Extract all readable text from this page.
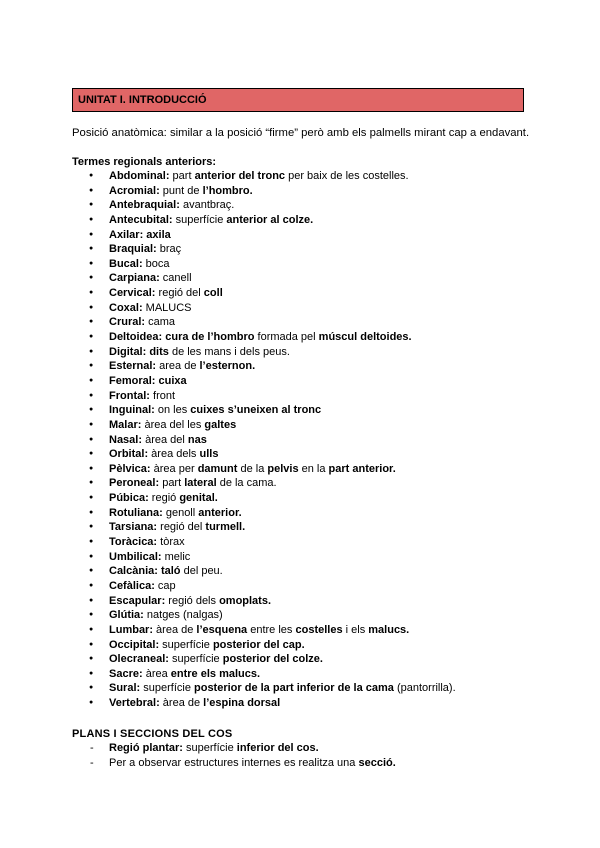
UNITAT I. INTRODUCCIÓ
Posició anatòmica: similar a la posició “firme” però amb els palmells mirant cap a endavant.
Termes regionals anteriors:
● Abdominal: part anterior del tronc per baix de les costelles.
● Acromial: punt de l’hombro.
● Antebraquial: avantbraç.
● Antecubital: superfície anterior al colze.
● Axilar: axila
● Braquial: braç
● Bucal: boca
● Carpiana: canell
● Cervical: regió del coll
● Coxal: MALUCS
● Crural: cama
● Deltoidea: cura de l’hombro formada pel múscul deltoides.
● Digital: dits de les mans i dels peus.
● Esternal: area de l’esternon.
● Femoral: cuixa
● Frontal: front
● Inguinal: on les cuixes s’uneixen al tronc
● Malar: àrea del les galtes
● Nasal: àrea del nas
● Orbital: àrea dels ulls
● Pèlvica: àrea per damunt de la pelvis en la part anterior.
● Peroneal: part lateral de la cama.
● Púbica: regió genital.
● Rotuliana: genoll anterior.
● Tarsiana: regió del turmell.
● Toràcica: tòrax
● Umbilical: melic
● Calcània: taló del peu.
● Cefàlica: cap
● Escapular: regió dels omoplats.
● Glútia: natges (nalgas)
● Lumbar: àrea de l’esquena entre les costelles i els malucs.
● Occipital: superfície posterior del cap.
● Olecraneal: superfície posterior del colze.
● Sacre: àrea entre els malucs.
● Sural: superfície posterior de la part inferior de la cama (pantorrilla).
● Vertebral: àrea de l’espina dorsal
PLANS I SECCIONS DEL COS
- Regió plantar: superfície inferior del cos.
- Per a observar estructures internes es realitza una secció.
